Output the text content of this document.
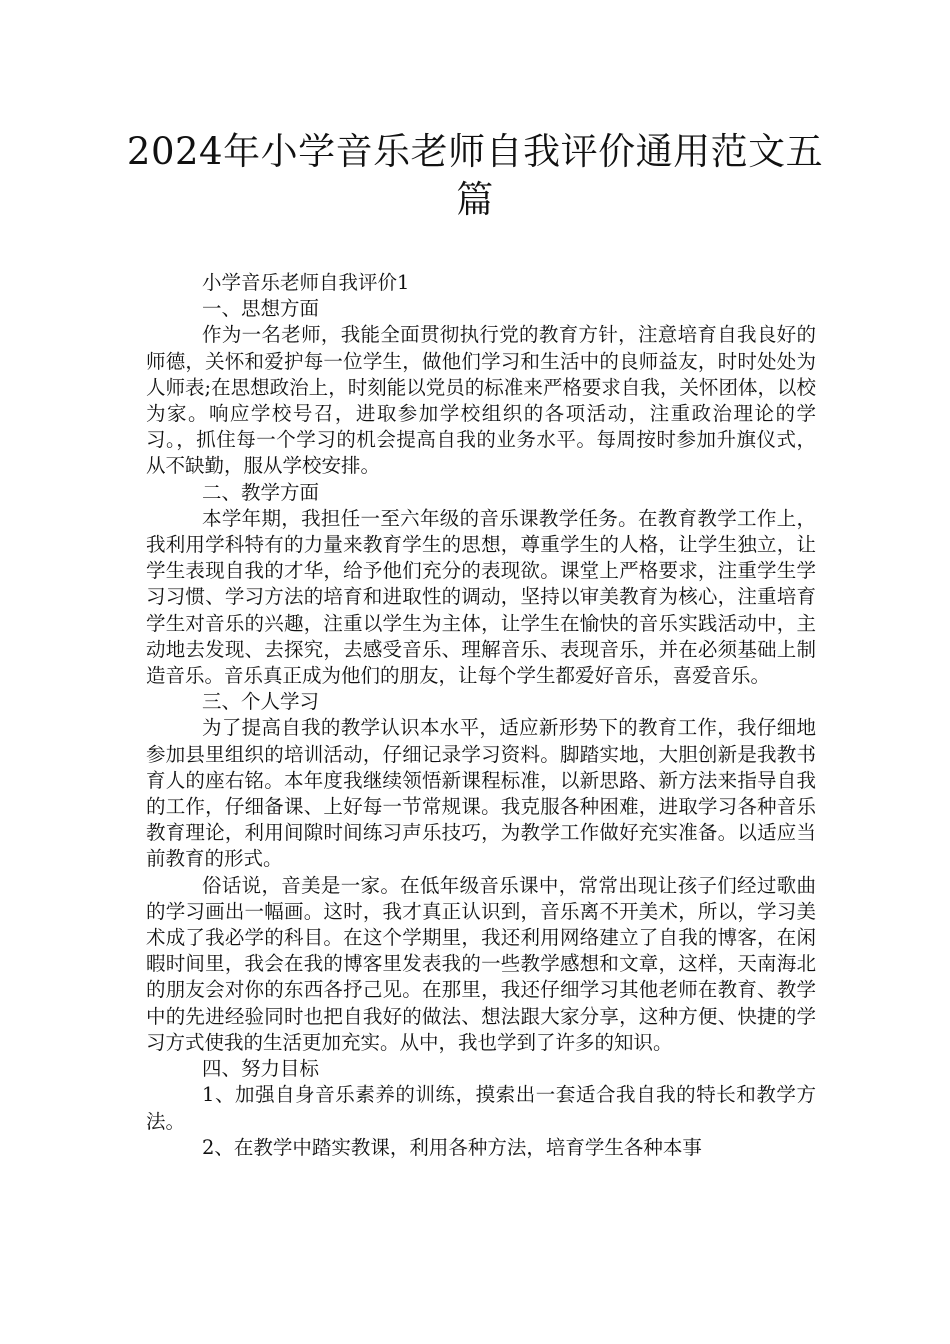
2024年小学音乐老师自我评价通用范文五篇

小学音乐老师自我评价1

一、思想方面

作为一名老师，我能全面贯彻执行党的教育方针，注意培育自我良好的师德，关怀和爱护每一位学生，做他们学习和生活中的良师益友，时时处处为人师表;在思想政治上，时刻能以党员的标准来严格要求自我，关怀团体，以校为家。响应学校号召，进取参加学校组织的各项活动，注重政治理论的学习。，抓住每一个学习的机会提高自我的业务水平。每周按时参加升旗仪式，从不缺勤，服从学校安排。

二、教学方面

本学年期，我担任一至六年级的音乐课教学任务。在教育教学工作上，我利用学科特有的力量来教育学生的思想，尊重学生的人格，让学生独立，让学生表现自我的才华，给予他们充分的表现欲。课堂上严格要求，注重学生学习习惯、学习方法的培育和进取性的调动，坚持以审美教育为核心，注重培育学生对音乐的兴趣，注重以学生为主体，让学生在愉快的音乐实践活动中，主动地去发现、去探究，去感受音乐、理解音乐、表现音乐，并在必须基础上制造音乐。音乐真正成为他们的朋友，让每个学生都爱好音乐，喜爱音乐。

三、个人学习

为了提高自我的教学认识本水平，适应新形势下的教育工作，我仔细地参加县里组织的培训活动，仔细记录学习资料。脚踏实地，大胆创新是我教书育人的座右铭。本年度我继续领悟新课程标准，以新思路、新方法来指导自我的工作，仔细备课、上好每一节常规课。我克服各种困难，进取学习各种音乐教育理论，利用间隙时间练习声乐技巧，为教学工作做好充实准备。以适应当前教育的形式。

俗话说，音美是一家。在低年级音乐课中，常常出现让孩子们经过歌曲的学习画出一幅画。这时，我才真正认识到，音乐离不开美术，所以，学习美术成了我必学的科目。在这个学期里，我还利用网络建立了自我的博客，在闲暇时间里，我会在我的博客里发表我的一些教学感想和文章，这样，天南海北的朋友会对你的东西各抒己见。在那里，我还仔细学习其他老师在教育、教学中的先进经验同时也把自我好的做法、想法跟大家分享，这种方便、快捷的学习方式使我的生活更加充实。从中，我也学到了许多的知识。

四、努力目标

1、加强自身音乐素养的训练，摸索出一套适合我自我的特长和教学方法。

2、在教学中踏实教课，利用各种方法，培育学生各种本事
